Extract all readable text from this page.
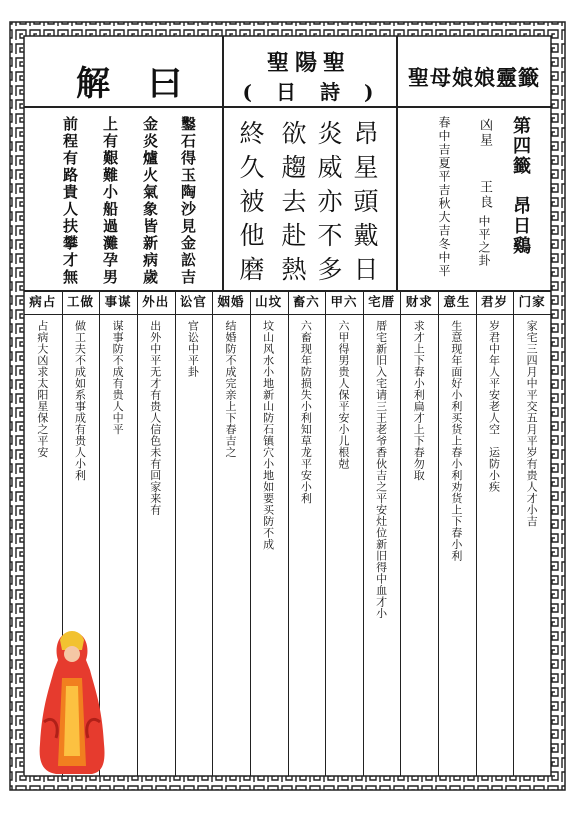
解　曰
聖陽聖
(　日　詩　)
聖母娘娘靈籤
第四籤
昂日鷄
凶星
王良
中平之卦
春中吉夏平吉秋大吉冬中平
昂星頭戴日
炎威亦不多
欲趨去赴熱
終久被他磨
鑿石得玉陶沙見金
金炎爐火氣象皆新
上有艱難小船過灘
前程有路貴人扶攀
訟吉
病歲
孕男
才無
门家
家宅三四月中平交五月平岁有贵人才小吉
君岁
岁君中年人平安老人空　运防小疾
意生
生意现年面好小利买货上春小利劝货上下春小利
财求
求才上下春小利扁才上下春勿取
宅厝
厝宅新旧入宅请三王老爷香伙吉之平安灶位新旧得中血才小
甲六
六甲得男贵人保平安小儿根尅
畜六
六畜现年防损失小利知草龙平安小利
山坟
坟山风水小地新山防石镇穴小地如要买防不成
姻婚
结婚防不成完亲上下春吉之
讼官
官讼中平卦
外出
出外中平无才有贵人信色未有回家来有
事谋
谋事防不成有贵人中平
工做
做工夫不成如系事成有贵人小利
病占
占病大凶求太阳星保之平安
